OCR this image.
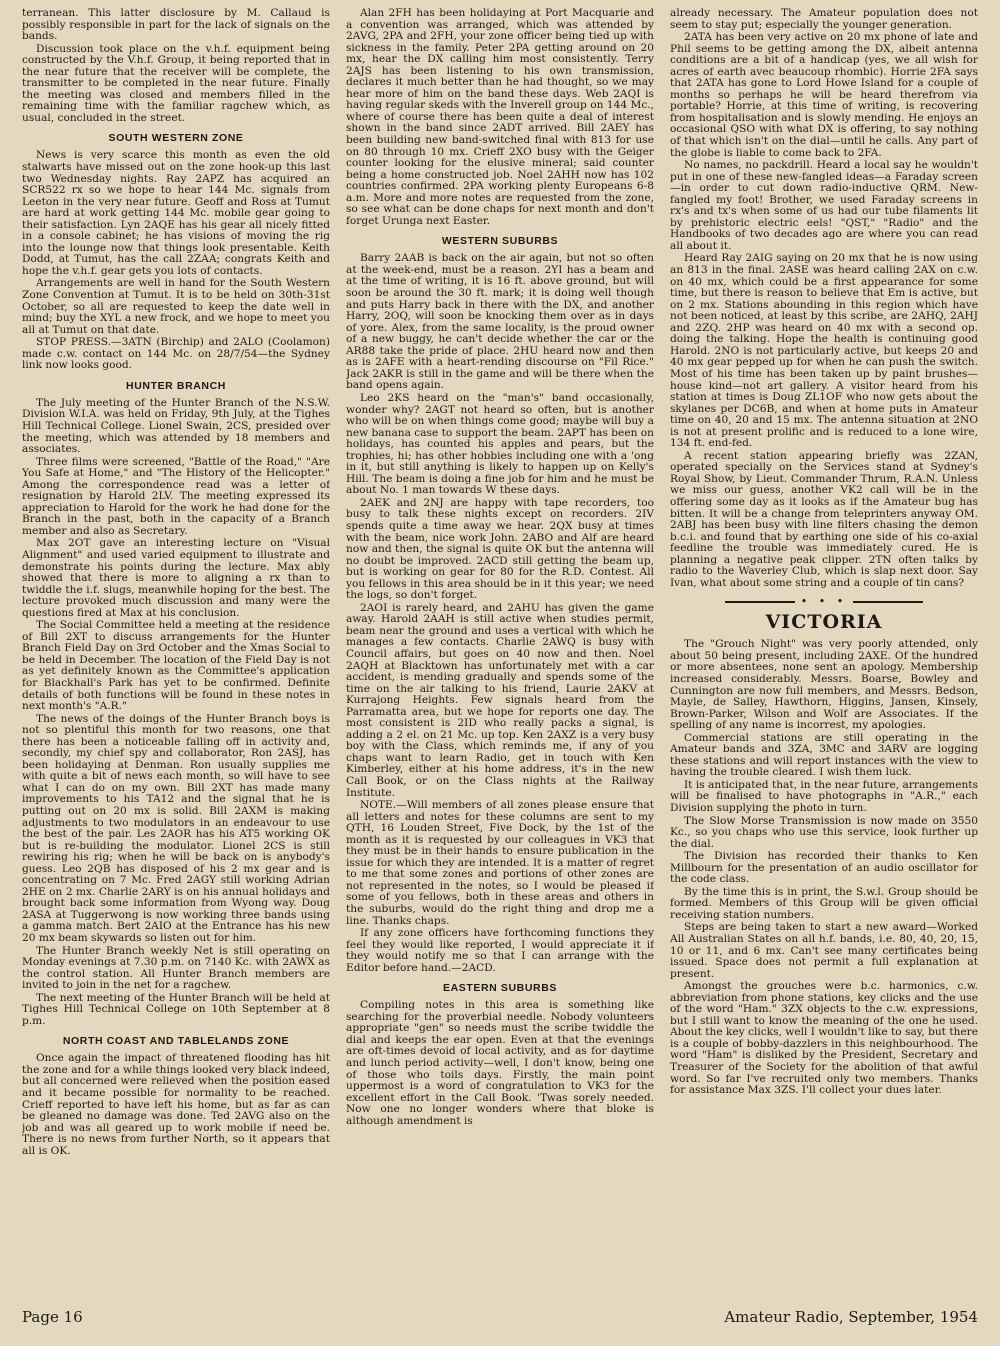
terranean. This latter disclosure by M. Callaud is possibly responsible in part for the lack of signals on the bands.

Discussion took place on the v.h.f. equipment being constructed by the V.h.f. Group, it being reported that in the near future that the receiver will be complete, the transmitter to be completed in the near future. Finally the meeting was closed and members filled in the remaining time with the familiar ragchew which, as usual, concluded in the street.

SOUTH WESTERN ZONE

News is very scarce this month as even the old stalwarts have missed out on the zone hook-up this last two Wednesday nights. Ray 2APZ has acquired an SCR522 rx so we hope to hear 144 Mc. signals from Leeton in the very near future. Geoff and Ross at Tumut are hard at work getting 144 Mc. mobile gear going to their satisfaction. Lyn 2AQE has his gear all nicely fitted in a console cabinet; he has visions of moving the rig into the lounge now that things look presentable. Keith Dodd, at Tumut, has the call 2ZAA; congrats Keith and hope the v.h.f. gear gets you lots of contacts.

Arrangements are well in hand for the South Western Zone Convention at Tumut. It is to be held on 30th-31st October, so all are requested to keep the date well in mind; buy the XYL a new frock, and we hope to meet you all at Tumut on that date.

STOP PRESS.—3ATN (Birchip) and 2ALO (Coolamon) made c.w. contact on 144 Mc. on 28/7/54—the Sydney link now looks good.

HUNTER BRANCH

The July meeting of the Hunter Branch of the N.S.W. Division W.I.A. was held on Friday, 9th July, at the Tighes Hill Technical College. Lionel Swain, 2CS, presided over the meeting, which was attended by 18 members and associates.

Three films were screened, "Battle of the Road," "Are You Safe at Home," and "The History of the Helicopter." Among the correspondence read was a letter of resignation by Harold 2LV. The meeting expressed its appreciation to Harold for the work he had done for the Branch in the past, both in the capacity of a Branch member and also as Secretary.

Max 2OT gave an interesting lecture on "Visual Alignment" and used varied equipment to illustrate and demonstrate his points during the lecture. Max ably showed that there is more to aligning a rx than to twiddle the i.f. slugs, meanwhile hoping for the best. The lecture provoked much discussion and many were the questions fired at Max at his conclusion.

The Social Committee held a meeting at the residence of Bill 2XT to discuss arrangements for the Hunter Branch Field Day on 3rd October and the Xmas Social to be held in December. The location of the Field Day is not as yet definitely known as the Committee's application for Blackhall's Park has yet to be confirmed. Definite details of both functions will be found in these notes in next month's "A.R."

The news of the doings of the Hunter Branch boys is not so plentiful this month for two reasons, one that there has been a noticeable falling off in activity and, secondly, my chief spy and collaborator, Ron 2ASJ, has been holidaying at Denman. Ron usually supplies me with quite a bit of news each month, so will have to see what I can do on my own. Bill 2XT has made many improvements to his TA12 and the signal that he is putting out on 20 mx is solid. Bill 2AXM is making adjustments to two modulators in an endeavour to use the best of the pair. Les 2AOR has his AT5 working OK but is re-building the modulator. Lionel 2CS is still rewiring his rig; when he will be back on is anybody's guess. Leo 2QB has disposed of his 2 mx gear and is concentrating on 7 Mc. Fred 2AGY still working Adrian 2HE on 2 mx. Charlie 2ARY is on his annual holidays and brought back some information from Wyong way. Doug 2ASA at Tuggerwong is now working three bands using a gamma match. Bert 2AIO at the Entrance has his new 20 mx beam skywards so listen out for him.

The Hunter Branch weekly Net is still operating on Monday evenings at 7.30 p.m. on 7140 Kc. with 2AWX as the control station. All Hunter Branch members are invited to join in the net for a ragchew.

The next meeting of the Hunter Branch will be held at Tighes Hill Technical College on 10th September at 8 p.m.

NORTH COAST AND TABLELANDS ZONE

Once again the impact of threatened flooding has hit the zone and for a while things looked very black indeed, but all concerned were relieved when the position eased and it became possible for normality to be reached. Crieff reported to have left his home, but as far as can be gleaned no damage was done. Ted 2AVG also on the job and was all geared up to work mobile if need be. There is no news from further North, so it appears that all is OK.

Alan 2FH has been holidaying at Port Macquarie and a convention was arranged, which was attended by 2AVG, 2PA and 2FH, your zone officer being tied up with sickness in the family. Peter 2PA getting around on 20 mx, hear the DX calling him most consistently. Terry 2AJS has been listening to his own transmission, declares it much better than he had thought, so we may hear more of him on the band these days. Web 2AQI is having regular skeds with the Inverell group on 144 Mc., where of course there has been quite a deal of interest shown in the band since 2ADT arrived. Bill 2AEY has been building new band-switched final with 813 for use on 80 through 10 mx. Crieff 2XO busy with the Geiger counter looking for the elusive mineral; said counter being a home constructed job. Noel 2AHH now has 102 countries confirmed. 2PA working plenty Europeans 6-8 a.m. More and more notes are requested from the zone, so see what can be done chaps for next month and don't forget Urunga next Easter.

WESTERN SUBURBS

Barry 2AAB is back on the air again, but not so often at the week-end, must be a reason. 2YI has a beam and at the time of writing, it is 16 ft. above ground, but will soon be around the 30 ft. mark; it is doing well though and puts Harry back in there with the DX, and another Harry, 2OQ, will soon be knocking them over as in days of yore. Alex, from the same locality, is the proud owner of a new buggy, he can't decide whether the car or the AR88 take the pride of place. 2HU heard now and then as is 2AFE with a heart-rending discourse on "Fil Rice." Jack 2AKR is still in the game and will be there when the band opens again.

Leo 2KS heard on the "man's" band occasionally, wonder why? 2AGT not heard so often, but is another who will be on when things come good; maybe will buy a new banana case to support the beam. 2APT has been on holidays, has counted his apples and pears, but the trophies, hi; has other hobbies including one with a 'ong in it, but still anything is likely to happen up on Kelly's Hill. The beam is doing a fine job for him and he must be about No. 1 man towards W these days.

2AEK and 2NJ are happy with tape recorders, too busy to talk these nights except on recorders. 2IV spends quite a time away we hear. 2QX busy at times with the beam, nice work John. 2ABO and Alf are heard now and then, the signal is quite OK but the antenna will no doubt be improved. 2ACD still getting the beam up, but is working on gear for 80 for the R.D. Contest. All you fellows in this area should be in it this year; we need the logs, so don't forget.

2AOI is rarely heard, and 2AHU has given the game away. Harold 2AAH is still active when studies permit, beam near the ground and uses a vertical with which he manages a few contacts. Charlie 2AWQ is busy with Council affairs, but goes on 40 now and then. Noel 2AQH at Blacktown has unfortunately met with a car accident, is mending gradually and spends some of the time on the air talking to his friend, Laurie 2AKV at Kurrajong Heights. Few signals heard from the Parramatta area, but we hope for reports one day. The most consistent is 2ID who really packs a signal, is adding a 2 el. on 21 Mc. up top. Ken 2AXZ is a very busy boy with the Class, which reminds me, if any of you chaps want to learn Radio, get in touch with Ken Kimberley, either at his home address, it's in the new Call Book, or on the Class nights at the Railway Institute.

NOTE.—Will members of all zones please ensure that all letters and notes for these columns are sent to my QTH, 16 Louden Street, Five Dock, by the 1st of the month as it is requested by our colleagues in VK3 that they must be in their hands to ensure publication in the issue for which they are intended. It is a matter of regret to me that some zones and portions of other zones are not represented in the notes, so I would be pleased if some of you fellows, both in these areas and others in the suburbs, would do the right thing and drop me a line. Thanks chaps.

If any zone officers have forthcoming functions they feel they would like reported, I would appreciate it if they would notify me so that I can arrange with the Editor before hand.—2ACD.

EASTERN SUBURBS

Compiling notes in this area is something like searching for the proverbial needle. Nobody volunteers appropriate "gen" so needs must the scribe twiddle the dial and keeps the ear open. Even at that the evenings are oft-times devoid of local activity, and as for daytime and lunch period activity—well, I don't know, being one of those who toils days. Firstly, the main point uppermost is a word of congratulation to VK3 for the excellent effort in the Call Book. 'Twas sorely needed. Now one no longer wonders where that bloke is although amendment is

already necessary. The Amateur population does not seem to stay put; especially the younger generation.

2ATA has been very active on 20 mx phone of late and Phil seems to be getting among the DX, albeit antenna conditions are a bit of a handicap (yes, we all wish for acres of earth avec beaucoup rhombic). Horrie 2FA says that 2ATA has gone to Lord Howe Island for a couple of months so perhaps he will be heard therefrom via portable? Horrie, at this time of writing, is recovering from hospitalisation and is slowly mending. He enjoys an occasional QSO with what DX is offering, to say nothing of that which isn't on the dial—until he calls. Any part of the globe is liable to come back to 2FA.

No names, no packdrill. Heard a local say he wouldn't put in one of these new-fangled ideas—a Faraday screen—in order to cut down radio-inductive QRM. New-fangled my foot! Brother, we used Faraday screens in rx's and tx's when some of us had our tube filaments lit by prehistoric electric eels! "QST," "Radio" and the Handbooks of two decades ago are where you can read all about it.

Heard Ray 2AIG saying on 20 mx that he is now using an 813 in the final. 2ASE was heard calling 2AX on c.w. on 40 mx, which could be a first appearance for some time, but there is reason to believe that Em is active, but on 2 mx. Stations abounding in this region which have not been noticed, at least by this scribe, are 2AHQ, 2AHJ and 2ZQ. 2HP was heard on 40 mx with a second op. doing the talking. Hope the health is continuing good Harold. 2NO is not particularly active, but keeps 20 and 40 mx gear pepped up for when he can push the switch. Most of his time has been taken up by paint brushes—house kind—not art gallery. A visitor heard from his station at times is Doug ZL1OF who now gets about the skylanes per DC6B, and when at home puts in Amateur time on 40, 20 and 15 mx. The antenna situation at 2NO is not at present prolific and is reduced to a lone wire, 134 ft. end-fed.

A recent station appearing briefly was 2ZAN, operated specially on the Services stand at Sydney's Royal Show, by Lieut. Commander Thrum, R.A.N. Unless we miss our guess, another VK2 call will be in the offering some day as it looks as if the Amateur bug has bitten. It will be a change from teleprinters anyway OM. 2ABJ has been busy with line filters chasing the demon b.c.i. and found that by earthing one side of his co-axial feedline the trouble was immediately cured. He is planning a negative peak clipper. 2TN often talks by radio to the Waverley Club, which is slap next door. Say Ivan, what about some string and a couple of tin cans?

• • •
VICTORIA

The "Grouch Night" was very poorly attended, only about 50 being present, including 2AXE. Of the hundred or more absentees, none sent an apology. Membership increased considerably. Messrs. Boarse, Bowley and Cunnington are now full members, and Messrs. Bedson, Mayle, de Salley, Hawthorn, Higgins, Jansen, Kinsely, Brown-Parker, Wilson and Wolf are Associates. If the spelling of any name is incorrest, my apologies.

Commercial stations are still operating in the Amateur bands and 3ZA, 3MC and 3ARV are logging these stations and will report instances with the view to having the trouble cleared. I wish them luck.

It is anticipated that, in the near future, arrangements will be finalised to have photographs in "A.R.," each Division supplying the photo in turn.

The Slow Morse Transmission is now made on 3550 Kc., so you chaps who use this service, look further up the dial.

The Division has recorded their thanks to Ken Millbourn for the presentation of an audio oscillator for the code class.

By the time this is in print, the S.w.l. Group should be formed. Members of this Group will be given official receiving station numbers.

Steps are being taken to start a new award—Worked All Australian States on all h.f. bands, i.e. 80, 40, 20, 15, 10 or 11, and 6 mx. Can't see many certificates being issued. Space does not permit a full explanation at present.

Amongst the grouches were b.c. harmonics, c.w. abbreviation from phone stations, key clicks and the use of the word "Ham." 3ZX objects to the c.w. expressions, but I still want to know the meaning of the one he used. About the key clicks, well I wouldn't like to say, but there is a couple of bobby-dazzlers in this neighbourhood. The word "Ham" is disliked by the President, Secretary and Treasurer of the Society for the abolition of that awful word. So far I've recruited only two members. Thanks for assistance Max 3ZS. I'll collect your dues later.

Page 16	Amateur Radio, September, 1954
